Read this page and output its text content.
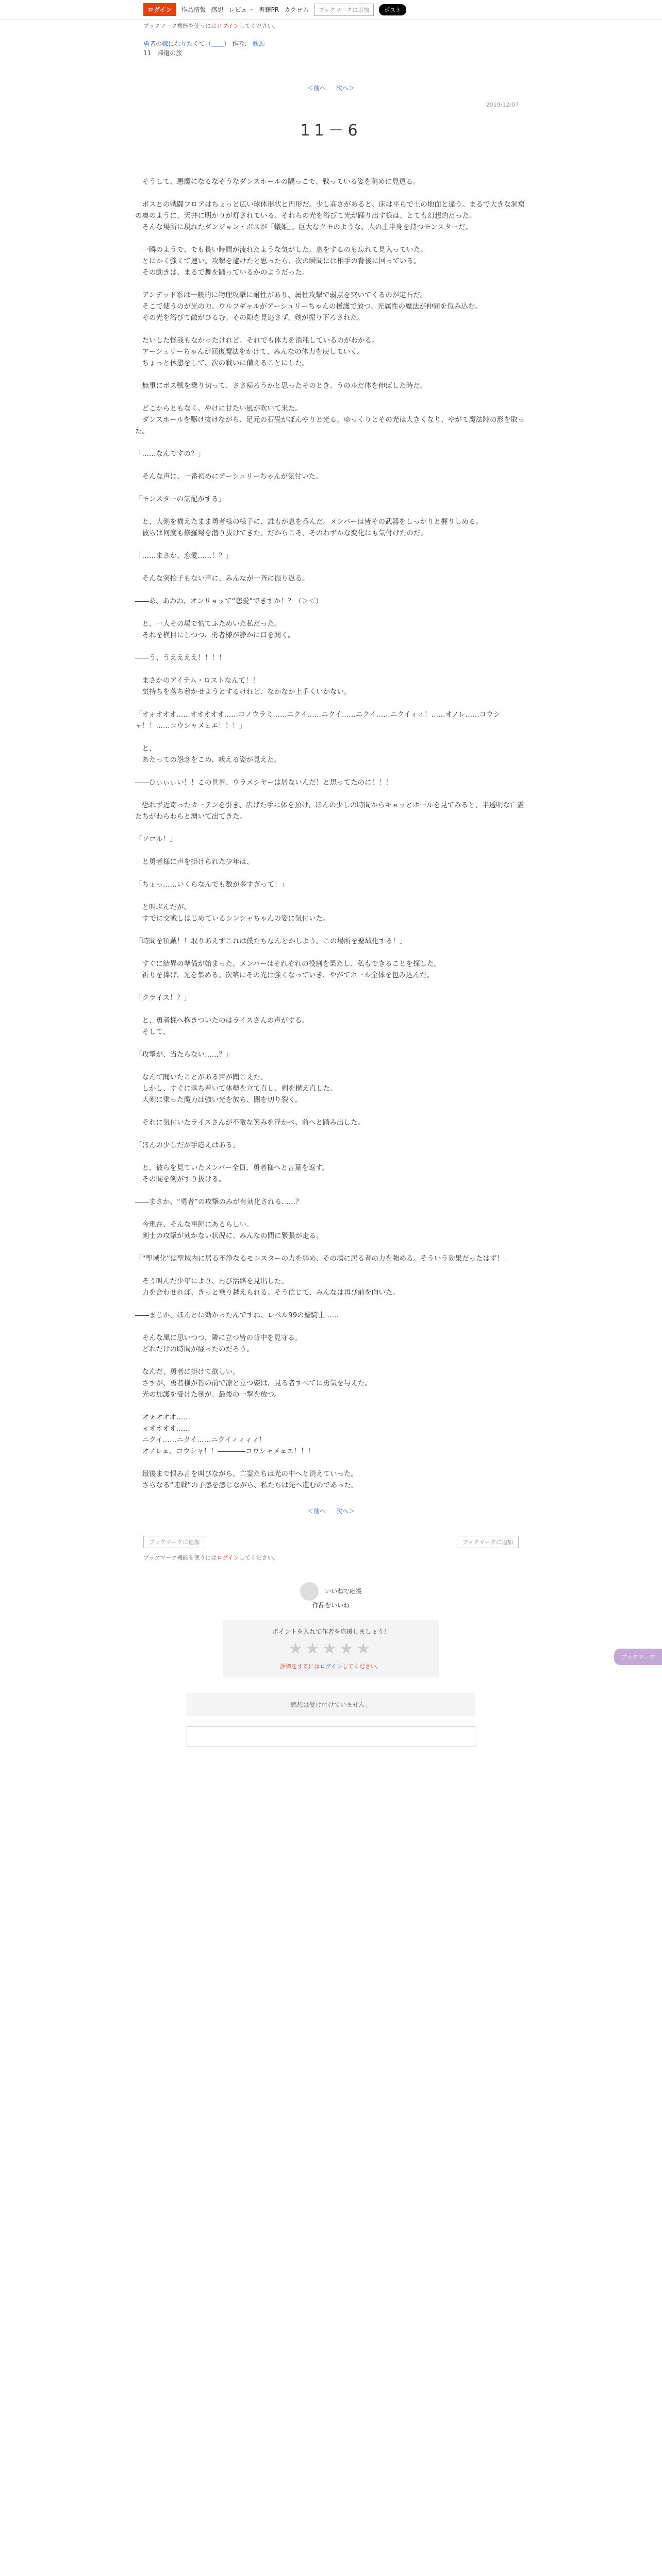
ログイン	作品情報 感想 レビュー 書籍PR カクヨム	ブックマークに追加	ポスト
ブックマーク機能を使うにはログインしてください。
勇者の嫁になりたくて（＿＿） 作者： 鉄馬
11　帰還の旅
＜前へ 次へ＞
2019/12/07
11－6

　そうして、悪魔になるなそうなダンスホールの隅っこで、戦っている姿を眺めに見遣る。

　ボスとの戦闘フロアはちょっと広い球体形状と円形だ。少し高さがあると、床は平らで土の地面と違う。まるで大きな洞窟の奥のように、天井に明かりが灯されている。それらの光を浴びて光が踊り出す様は、とても幻想的だった。
　そんな場所に現れたダンジョン・ボスが「蟻姫」。巨大なクモのような、人の上半身を持つモンスターだ。

　一瞬のようで、でも長い時間が流れたような気がした。息をするのも忘れて見入っていた。
　とにかく強くて速い。攻撃を避けたと思ったら、次の瞬間には相手の背後に回っている。
　その動きは、まるで舞を踊っているかのようだった。

　アンデッド系は一般的に物理攻撃に耐性があり、属性攻撃で弱点を突いてくるのが定石だ。
　そこで使うのが光の力。ウルフギャルがアーシュリーちゃんの援護で放つ、光属性の魔法が仲間を包み込む。
　その光を浴びて敵がひるむ。その隙を見逃さず、剣が振り下ろされた。

　たいした怪我もなかったけれど、それでも体力を消耗しているのがわかる。
　アーシュリーちゃんが回復魔法をかけて、みんなの体力を戻していく。
　ちょっと休憩をして、次の戦いに備えることにした。

　無事にボス戦を乗り切って、ささ帰ろうかと思ったそのとき、うのルだ体を伸ばした時だ。

　どこからともなく、やけに甘たい風が吹いて来た。
　ダンスホールを駆け抜けながら、足元の石畳がぼんやりと光る。ゆっくりとその光は大きくなり、やがて魔法陣の形を取った。

「……なんですの？」

　そんな声に、一番初めにアーシュリーちゃんが気付いた。

「モンスターの気配がする」

　と、大剣を構えたまま勇者様の様子に、誰もが息を呑んだ。メンバーは皆その武器をしっかりと握りしめる。
　彼らは何度も修羅場を潜り抜けてきた。だからこそ、そのわずかな変化にも気付けたのだ。

「……まさか、恋愛……！？」

　そんな突拍子もない声に、みんなが一斉に振り返る。

――あ、あわわ、オンリョッて“恋愛”できすか！？（＞＜）

　と、一人その場で慌てふためいた私だった。
　それを横目にしつつ、勇者様が静かに口を開く。

――う、うええええ！！！！

　まさかのアイテム・ロストなんて！！
　気持ちを落ち着かせようとするけれど、なかなか上手くいかない。

「オォオオオ……オオオオオ……コノウラミ……ニクイ……ニクイ……ニクイ……ニクイィィ！……オノレ……コウシャ！！……コウシャメェエ！！！」

　と、
　あたっての怨念をこめ、吠える姿が見えた。

――ひぃぃぃい！！この世界、ウラメシヤーは居ないんだ！と思ってたのに！！！

　恐れず近寄ったカーテンを引き、広げた手に体を預け、ほんの少しの時間からキョッとホールを見てみると、半透明な亡霊たちがわらわらと湧いて出てきた。

「ソロル！」

　と勇者様に声を掛けられた少年は、

「ちょっ……いくらなんでも数が多すぎって！」

　と叫ぶんだが、
　すでに交戦しはじめているシンシャちゃんの姿に気付いた。

「時間を頂戴！！取りあえずこれは僕たちなんとかしよう。この場所を聖域化する！」

　すぐに結界の準備が始まった。メンバーはそれぞれの役割を果たし、私もできることを探した。
　祈りを捧げ、光を集める。次第にその光は強くなっていき、やがてホール全体を包み込んだ。

「クライス！？」

　と、勇者様へ抱きついたのはライスさんの声がする。
　そして、

「攻撃が、当たらない……？」

　なんて聞いたことがある声が聞こえた。
　しかし、すぐに落ち着いて体勢を立て直し、剣を構え直した。
　大剣に乗った魔力は強い光を放ち、闇を切り裂く。

　それに気付いたライスさんが不敵な笑みを浮かべ、前へと踏み出した。

「ほんの少しだが手応えはある」

　と、彼らを見ていたメンバー全員、勇者様へと言葉を返す。
　その間を剣がすり抜ける。

――まさか、“勇者”の攻撃のみが有効化される……？

　今現在、そんな事態にあるらしい。
　剣士の攻撃が効かない状況に、みんなの間に緊張が走る。

「“聖域化”は聖域内に居る不浄なるモンスターの力を弱め、その場に居る者の力を強める。そういう効果だったはず！」

　そう叫んだ少年により、再び活路を見出した。
　力を合わせれば、きっと乗り越えられる。そう信じて、みんなは再び前を向いた。

――まじか、ほんとに効かったんですね、レベル99の聖騎士……

　そんな風に思いつつ、隣に立つ皆の背中を見守る。
　どれだけの時間が経ったのだろう。

　なんだ、勇者に掛けて欲しい。
　さすが、勇者様が皆の前で凛と立つ姿は、見る者すべてに勇気を与えた。
　光の加護を受けた剣が、最後の一撃を放つ。

　オォオオオ……
　ォオオオオ……
　ニクイ……ニクイ……ニクイィィィィ！
　オノレェ、コウシャ！！――――コウシャメェエ！！！

　最後まで恨み言を叫びながら、亡霊たちは光の中へと消えていった。
　さらなる“連戦”の予感を感じながら、私たちは先へ進むのであった。

ブックマーク
＜前へ 次へ＞
ブックマークに追加	ブックマークに追加
ブックマーク機能を使うにはログインしてください。
いいねで応援
作品をいいね
ポイントを入れて作者を応援しましょう！
★★★★★
評価をするにはログインしてください。
感想は受け付けていません。
